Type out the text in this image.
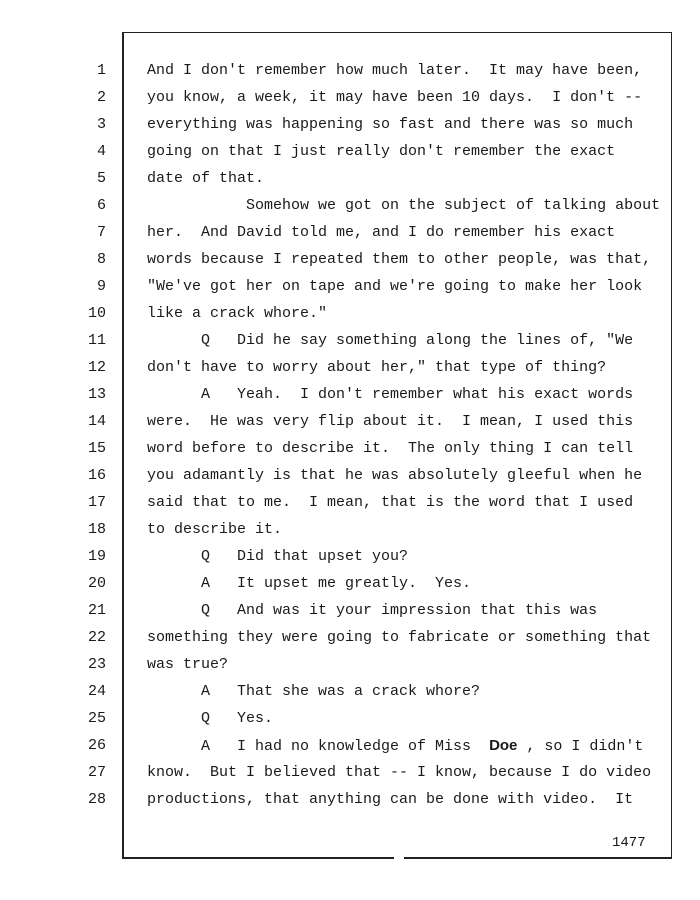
1	And I don't remember how much later.  It may have been,
2	you know, a week, it may have been 10 days.  I don't --
3	everything was happening so fast and there was so much
4	going on that I just really don't remember the exact
5	date of that.
6	Somehow we got on the subject of talking about
7	her.  And David told me, and I do remember his exact
8	words because I repeated them to other people, was that,
9	"We've got her on tape and we're going to make her look
10	like a crack whore."
11	Q   Did he say something along the lines of, "We
12	don't have to worry about her," that type of thing?
13	A   Yeah.  I don't remember what his exact words
14	were.  He was very flip about it.  I mean, I used this
15	word before to describe it.  The only thing I can tell
16	you adamantly is that he was absolutely gleeful when he
17	said that to me.  I mean, that is the word that I used
18	to describe it.
19	Q   Did that upset you?
20	A   It upset me greatly.  Yes.
21	Q   And was it your impression that this was
22	something they were going to fabricate or something that
23	was true?
24	A   That she was a crack whore?
25	Q   Yes.
26	A   I had no knowledge of Miss  Doe , so I didn't
27	know.  But I believed that -- I know, because I do video
28	productions, that anything can be done with video.  It
1477
